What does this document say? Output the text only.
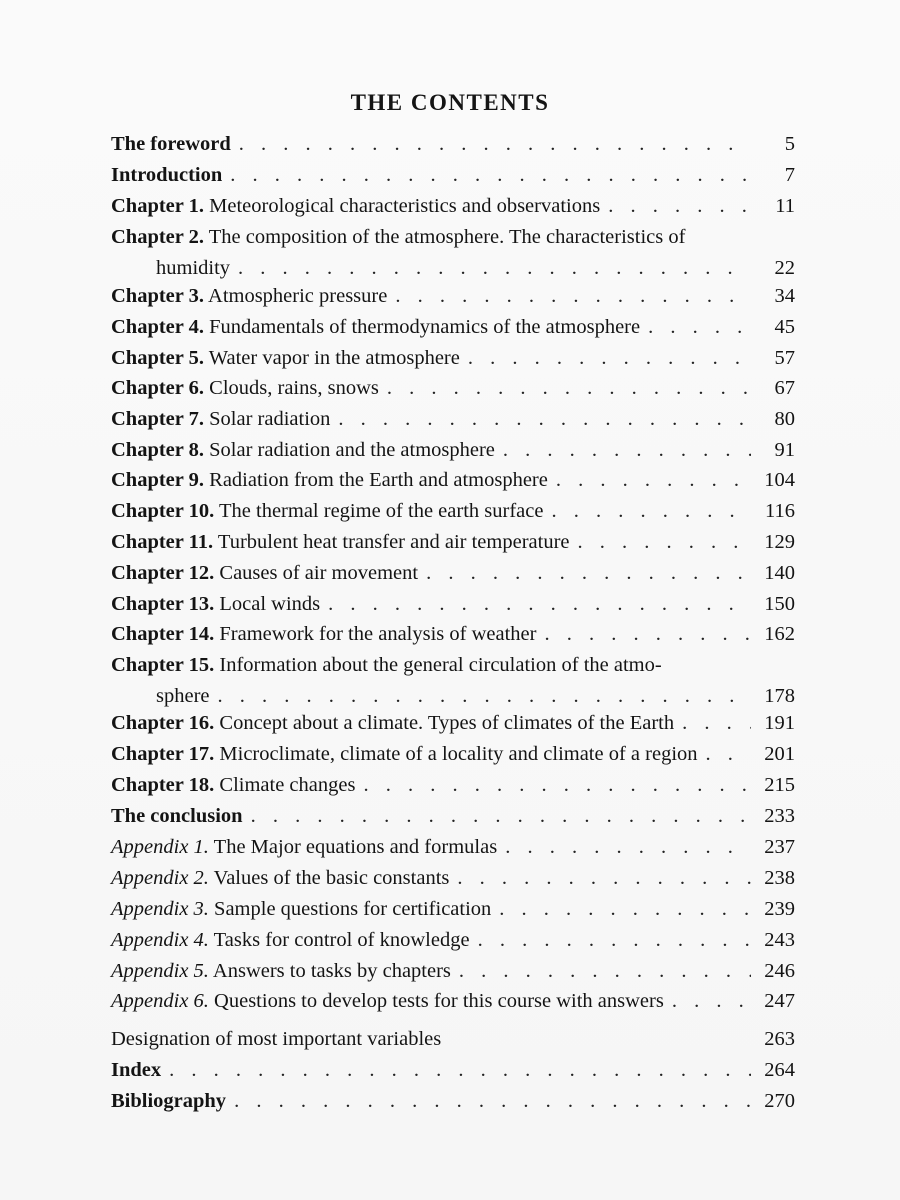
THE CONTENTS
The foreword . . .	5
Introduction . . .	7
Chapter 1. Meteorological characteristics and observations . . .	11
Chapter 2. The composition of the atmosphere. The characteristics of
humidity . . .	22
Chapter 3. Atmospheric pressure . . .	34
Chapter 4. Fundamentals of thermodynamics of the atmosphere . . .	45
Chapter 5. Water vapor in the atmosphere . . .	57
Chapter 6. Clouds, rains, snows . . .	67
Chapter 7. Solar radiation . . .	80
Chapter 8. Solar radiation and the atmosphere . . .	91
Chapter 9. Radiation from the Earth and atmosphere . . .	104
Chapter 10. The thermal regime of the earth surface . . .	116
Chapter 11. Turbulent heat transfer and air temperature . . .	129
Chapter 12. Causes of air movement . . .	140
Chapter 13. Local winds . . .	150
Chapter 14. Framework for the analysis of weather . . .	162
Chapter 15. Information about the general circulation of the atmo-
sphere . . .	178
Chapter 16. Concept about a climate. Types of climates of the Earth . . .	191
Chapter 17. Microclimate, climate of a locality and climate of a region . . .	201
Chapter 18. Climate changes . . .	215
The conclusion . . .	233
Appendix 1. The Major equations and formulas . . .	237
Appendix 2. Values of the basic constants . . .	238
Appendix 3. Sample questions for certification . . .	239
Appendix 4. Tasks for control of knowledge . . .	243
Appendix 5. Answers to tasks by chapters . . .	246
Appendix 6. Questions to develop tests for this course with answers . . .	247
Designation of most important variables	263
Index . . .	264
Bibliography . . .	270
